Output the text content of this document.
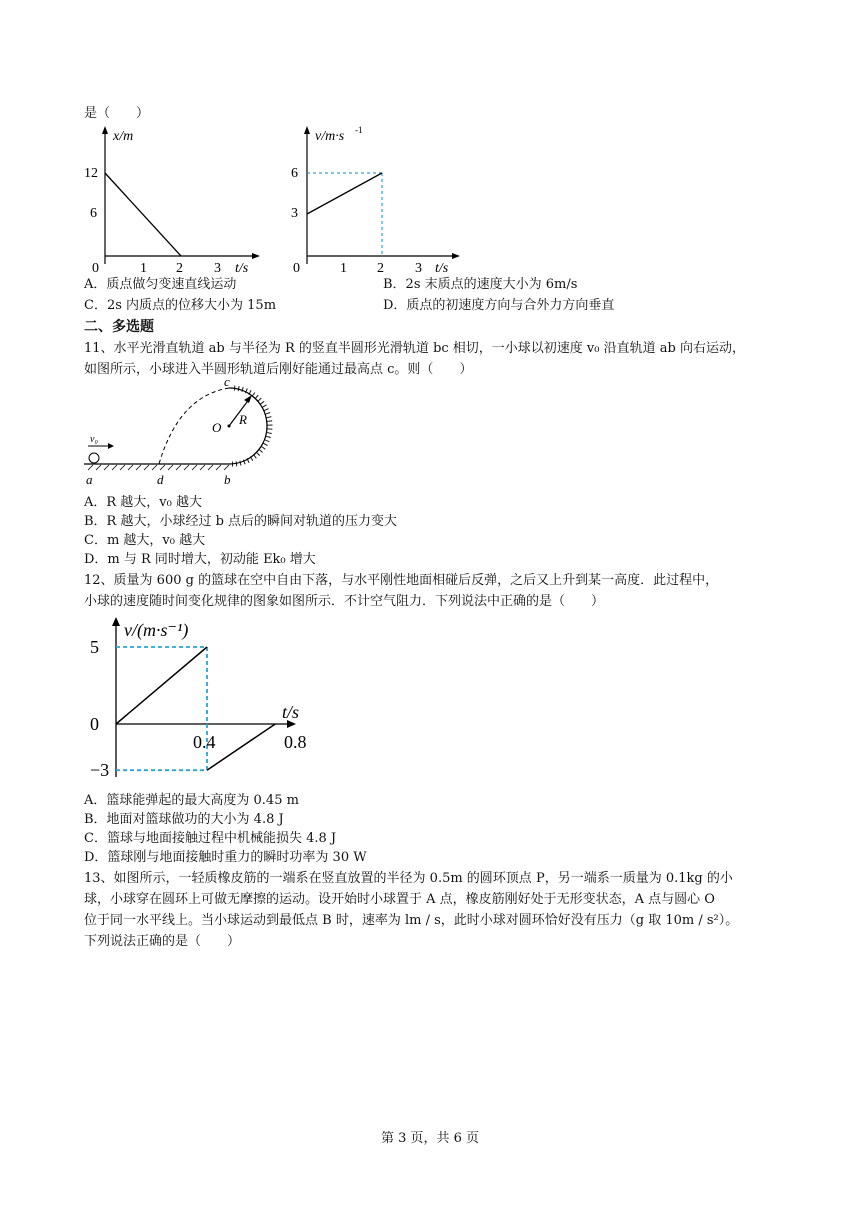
是（　　）
x/m
12
6
0	1 2 3 t/s
v/m·s -1
6
3
0	1 2 3 t/s
A．质点做匀变速直线运动	B．2s 末质点的速度大小为 6m/s
C．2s 内质点的位移大小为 15m	D．质点的初速度方向与合外力方向垂直
二、多选题
11、水平光滑直轨道 ab 与半径为 R 的竖直半圆形光滑轨道 bc 相切，一小球以初速度 v₀ 沿直轨道 ab 向右运动，
如图所示，小球进入半圆形轨道后刚好能通过最高点 c。则（　　）
v₀
c
O
R
a	d	b
A．R 越大，v₀ 越大
B．R 越大，小球经过 b 点后的瞬间对轨道的压力变大
C．m 越大，v₀ 越大
D．m 与 R 同时增大，初动能 Ek₀ 增大
12、质量为 600 g 的篮球在空中自由下落，与水平刚性地面相碰后反弹，之后又上升到某一高度．此过程中，
小球的速度随时间变化规律的图象如图所示．不计空气阻力．下列说法中正确的是（　　）
v/(m·s⁻¹)
t/s
5
0
−3
0.4	0.8
A．篮球能弹起的最大高度为 0.45 m
B．地面对篮球做功的大小为 4.8 J
C．篮球与地面接触过程中机械能损失 4.8 J
D．篮球刚与地面接触时重力的瞬时功率为 30 W
13、如图所示，一轻质橡皮筋的一端系在竖直放置的半径为 0.5m 的圆环顶点 P，另一端系一质量为 0.1kg 的小
球，小球穿在圆环上可做无摩擦的运动。设开始时小球置于 A 点，橡皮筋刚好处于无形变状态，A 点与圆心 O
位于同一水平线上。当小球运动到最低点 B 时，速率为 lm / s，此时小球对圆环恰好没有压力（g 取 10m / s²）。
下列说法正确的是（　　）
第 3 页，共 6 页
